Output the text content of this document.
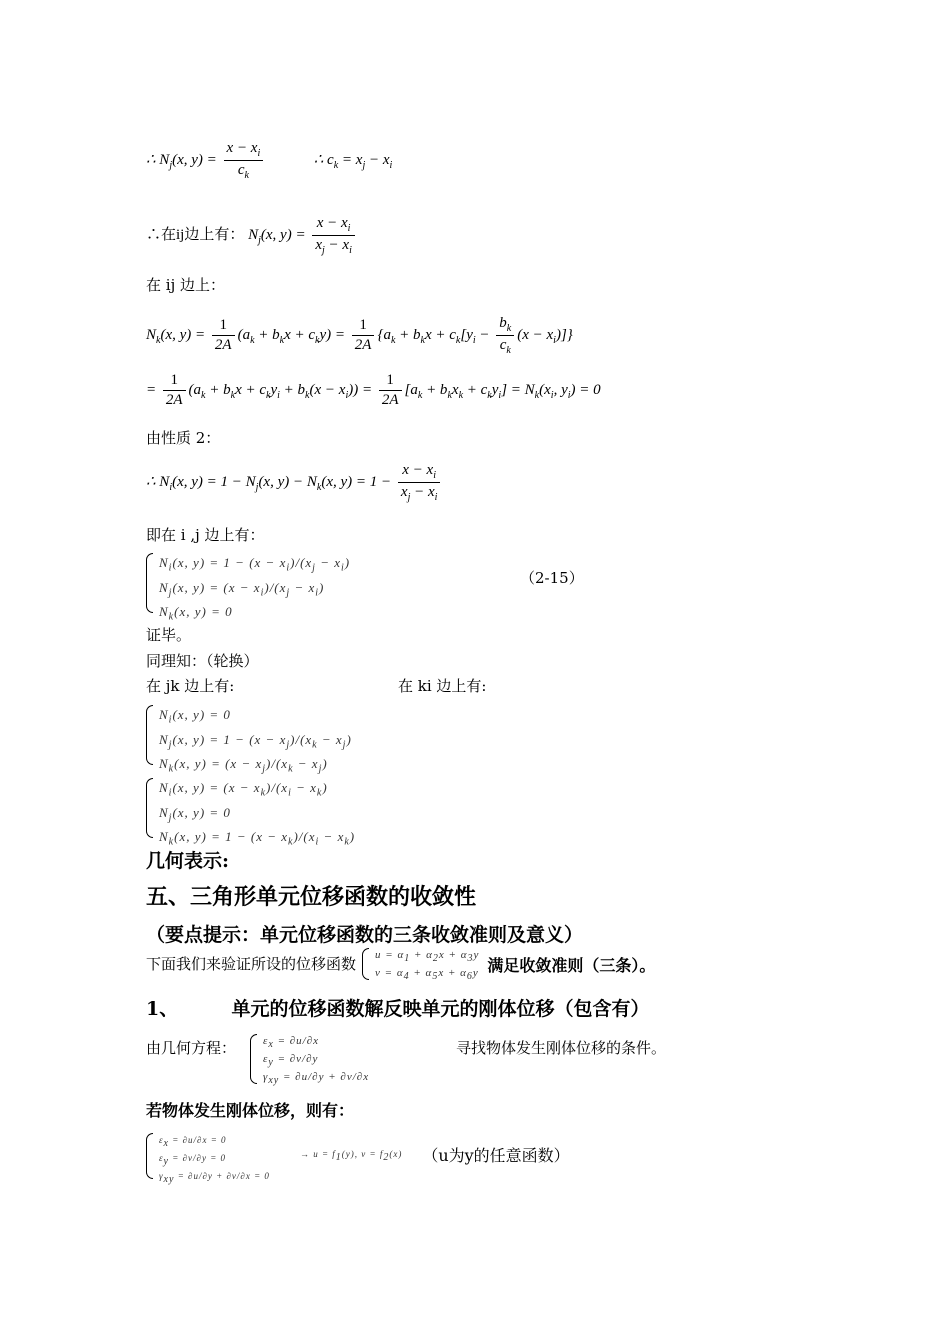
∴ $N_j(x$, $y) = \frac{x - x_i}{c_k}$	∴ $c_k = x_j - x_i$
∴在ij边上有： $N_j(x$, $y) = \frac{x - x_i}{x_j - x_i}$
在 ij 边上：
$N_k(x$, $y) = \frac{1}{2A} (a_k + b_kx + c_ky) = \frac{1}{2A} \{a_k + b_kx + c_k[y_i - \frac{b_k}{c_k} (x - x_i)]\}$
= $\frac{1}{2A} (a_k + b_kx + c_ky_i + b_k(x - x_i)) = \frac{1}{2A} [a_k + b_kx_k + c_ky_i] = N_k(x_i$, $y_i) = 0$
由性质 2：
∴ $N_i(x$, $y) = 1 - N_j(x$, $y) - N_k(x$, $y) = 1 - \frac{x - x_i}{x_j - x_i}$
即在 i ,j 边上有：
$N_i(x$, $y) = 1 - (x - x_i)/(x_j - x_i)$
$N_j(x$, $y) = (x - x_i)/(x_j - x_i)$
$N_k(x$, y) = 0
（2-15）
证毕。
同理知：（轮换）
在 jk 边上有:	在 ki 边上有:
$N_i(x$, y) = 0
$N_j(x$, $y) = 1 - (x - x_j)/(x_k - x_j)$
$N_k(x$, $y) = (x - x_j)/(x_k - x_j)$
$N_i(x$, $y) = (x - x_k)/(x_i - x_k)$
$N_j(x$, y) = 0
$N_k(x$, $y) = 1 - (x - x_k)/(x_i - x_k)$
几何表示:
五、三角形单元位移函数的收敛性
（要点提示：单元位移函数的三条收敛准则及意义）
下面我们来验证所设的位移函数 $u = \alpha_1 + \alpha_2x + \alpha_3y$
$v = \alpha_4 + \alpha_5x + \alpha_6y$ 满足收敛准则（三条）。
1、	单元的位移函数解反映单元的刚体位移（包含有）
由几何方程： $\varepsilon_x = \partial u/\partial x$
$\varepsilon_y = \partial v/\partial y$
$\gamma_{xy} = \partial u/\partial y + \partial v/\partial x$
寻找物体发生刚体位移的条件。
若物体发生刚体位移，则有：
$\varepsilon_x = \partial u/\partial x = 0$
$\varepsilon_y = \partial v/\partial y = 0$
$\gamma_{xy} = \partial u/\partial y + \partial v/\partial x = 0$
→ $u = f_1(y)$, $v = f_2(x)$ （u为y的任意函数）
